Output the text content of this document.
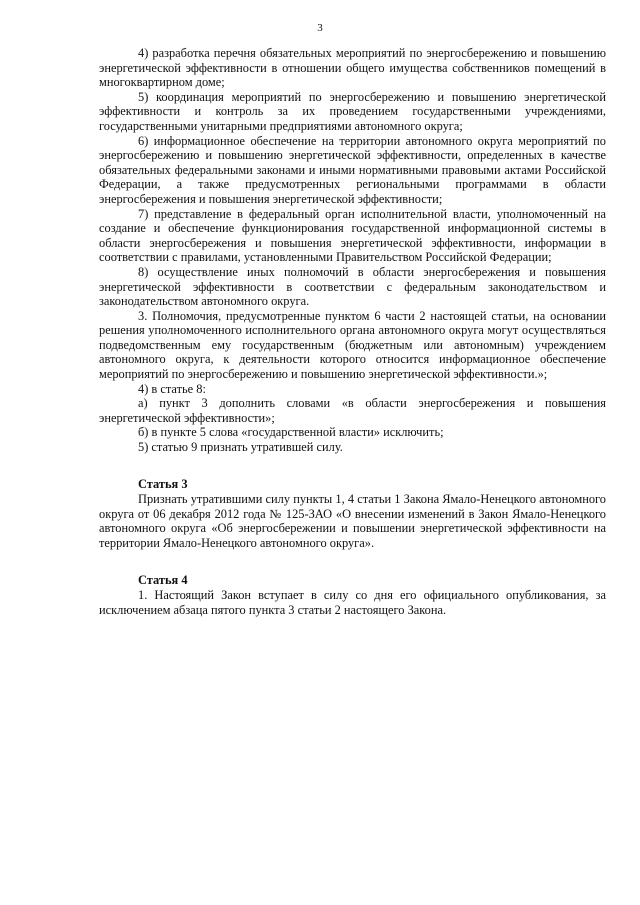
3

4) разработка перечня обязательных мероприятий по энергосбережению и повышению энергетической эффективности в отношении общего имущества собственников помещений в многоквартирном доме;

5) координация мероприятий по энергосбережению и повышению энергетической эффективности и контроль за их проведением государственными учреждениями, государственными унитарными предприятиями автономного округа;

6) информационное обеспечение на территории автономного округа мероприятий по энергосбережению и повышению энергетической эффективности, определенных в качестве обязательных федеральными законами и иными нормативными правовыми актами Российской Федерации, а также предусмотренных региональными программами в области энергосбережения и повышения энергетической эффективности;

7) представление в федеральный орган исполнительной власти, уполномоченный на создание и обеспечение функционирования государственной информационной системы в области энергосбережения и повышения энергетической эффективности, информации в соответствии с правилами, установленными Правительством Российской Федерации;

8) осуществление иных полномочий в области энергосбережения и повышения энергетической эффективности в соответствии с федеральным законодательством и законодательством автономного округа.

3. Полномочия, предусмотренные пунктом 6 части 2 настоящей статьи, на основании решения уполномоченного исполнительного органа автономного округа могут осуществляться подведомственным ему государственным (бюджетным или автономным) учреждением автономного округа, к деятельности которого относится информационное обеспечение мероприятий по энергосбережению и повышению энергетической эффективности.»;

4) в статье 8:

а) пункт 3 дополнить словами «в области энергосбережения и повышения энергетической эффективности»;

б) в пункте 5 слова «государственной власти» исключить;

5) статью 9 признать утратившей силу.

Статья 3

Признать утратившими силу пункты 1, 4 статьи 1 Закона Ямало-Ненецкого автономного округа от 06 декабря 2012 года № 125-ЗАО «О внесении изменений в Закон Ямало-Ненецкого автономного округа «Об энергосбережении и повышении энергетической эффективности на территории Ямало-Ненецкого автономного округа».

Статья 4

1. Настоящий Закон вступает в силу со дня его официального опубликования, за исключением абзаца пятого пункта 3 статьи 2 настоящего Закона.
